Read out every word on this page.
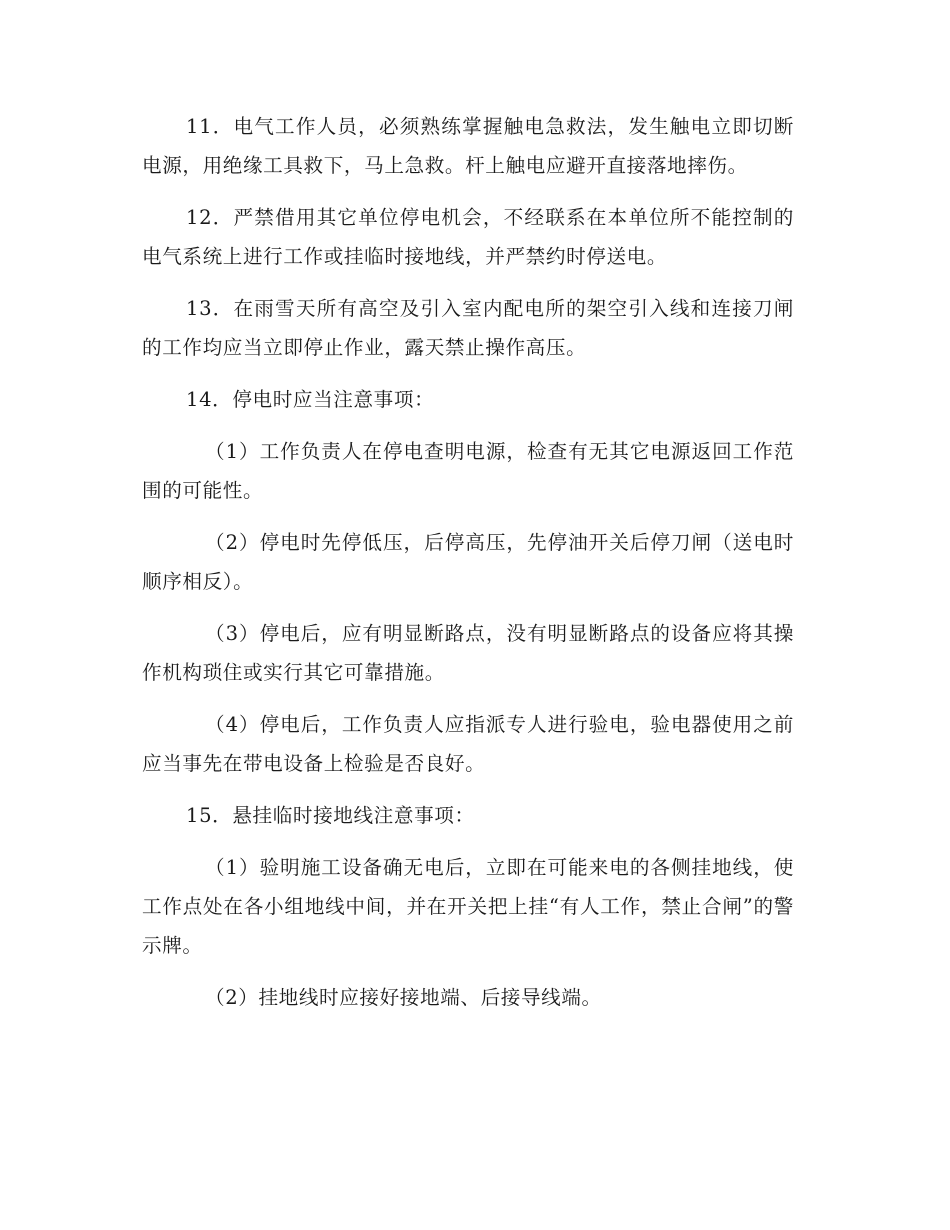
11．电气工作人员，必须熟练掌握触电急救法，发生触电立即切断电源，用绝缘工具救下，马上急救。杆上触电应避开直接落地摔伤。

12．严禁借用其它单位停电机会，不经联系在本单位所不能控制的电气系统上进行工作或挂临时接地线，并严禁约时停送电。

13．在雨雪天所有高空及引入室内配电所的架空引入线和连接刀闸的工作均应当立即停止作业，露天禁止操作高压。

14．停电时应当注意事项：

（1）工作负责人在停电查明电源，检查有无其它电源返回工作范围的可能性。

（2）停电时先停低压，后停高压，先停油开关后停刀闸（送电时顺序相反）。

（3）停电后，应有明显断路点，没有明显断路点的设备应将其操作机构琐住或实行其它可靠措施。

（4）停电后，工作负责人应指派专人进行验电，验电器使用之前应当事先在带电设备上检验是否良好。

15．悬挂临时接地线注意事项：

（1）验明施工设备确无电后，立即在可能来电的各侧挂地线，使工作点处在各小组地线中间，并在开关把上挂“有人工作，禁止合闸”的警示牌。

（2）挂地线时应接好接地端、后接导线端。
